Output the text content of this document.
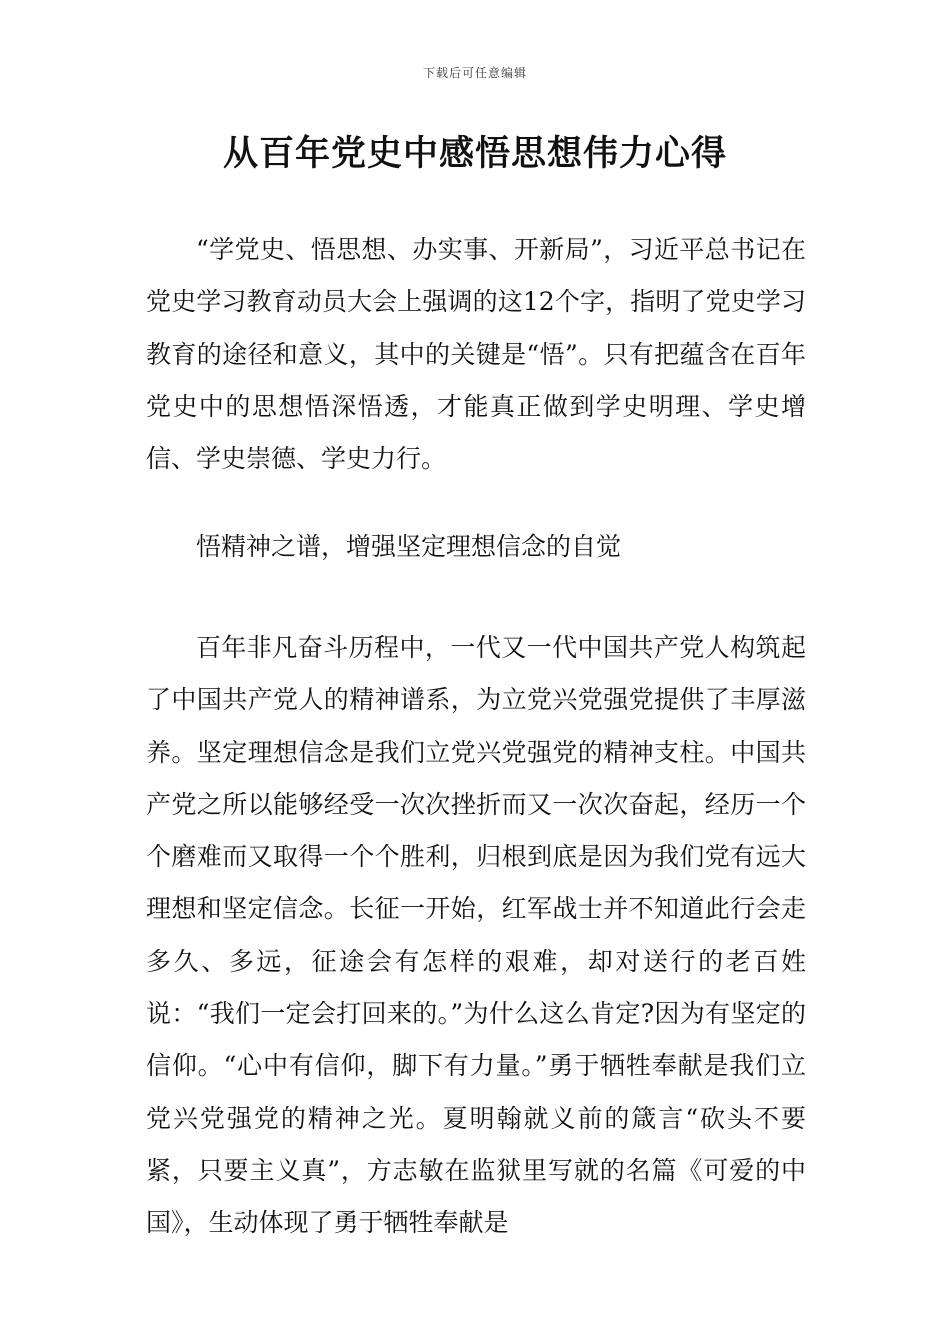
下载后可任意编辑
从百年党史中感悟思想伟力心得

“学党史、悟思想、办实事、开新局”，习近平总书记在党史学习教育动员大会上强调的这12个字，指明了党史学习教育的途径和意义，其中的关键是“悟”。只有把蕴含在百年党史中的思想悟深悟透，才能真正做到学史明理、学史增信、学史崇德、学史力行。

悟精神之谱，增强坚定理想信念的自觉

百年非凡奋斗历程中，一代又一代中国共产党人构筑起了中国共产党人的精神谱系，为立党兴党强党提供了丰厚滋养。坚定理想信念是我们立党兴党强党的精神支柱。中国共产党之所以能够经受一次次挫折而又一次次奋起，经历一个个磨难而又取得一个个胜利，归根到底是因为我们党有远大理想和坚定信念。长征一开始，红军战士并不知道此行会走多久、多远，征途会有怎样的艰难，却对送行的老百姓说：“我们一定会打回来的。”为什么这么肯定?因为有坚定的信仰。“心中有信仰，脚下有力量。”勇于牺牲奉献是我们立党兴党强党的精神之光。夏明翰就义前的箴言“砍头不要紧，只要主义真”，方志敏在监狱里写就的名篇《可爱的中国》，生动体现了勇于牺牲奉献是
